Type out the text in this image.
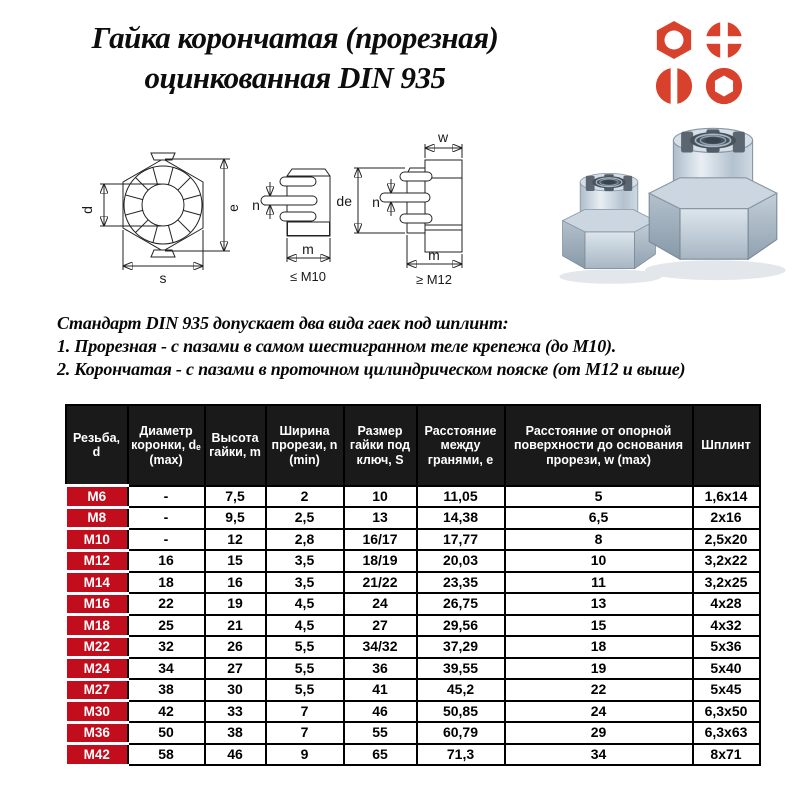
Гайка корончатая (прорезная)
оцинкованная DIN 935
d	e
s
n
m
≤ М10
w
de n
m
≥ М12
Стандарт DIN 935 допускает два вида гаек под шплинт:
1. Прорезная - с пазами в самом шестигранном теле крепежа (до М10).
2. Корончатая - с пазами в проточном цилиндрическом пояске (от М12 и выше)
Резьба, d	Диаметр коронки, dₑ (max)	Высота гайки, m	Ширина прорези, n (min)	Размер гайки под ключ, S	Расстояние между гранями, e	Расстояние от опорной поверхности до основания прорези, w (max)	Шплинт
M6	-	7,5	2	10	11,05	5	1,6x14
M8	-	9,5	2,5	13	14,38	6,5	2x16
M10	-	12	2,8	16/17	17,77	8	2,5x20
M12	16	15	3,5	18/19	20,03	10	3,2x22
M14	18	16	3,5	21/22	23,35	11	3,2x25
M16	22	19	4,5	24	26,75	13	4x28
M18	25	21	4,5	27	29,56	15	4x32
M22	32	26	5,5	34/32	37,29	18	5x36
M24	34	27	5,5	36	39,55	19	5x40
M27	38	30	5,5	41	45,2	22	5x45
M30	42	33	7	46	50,85	24	6,3x50
M36	50	38	7	55	60,79	29	6,3x63
M42	58	46	9	65	71,3	34	8x71
